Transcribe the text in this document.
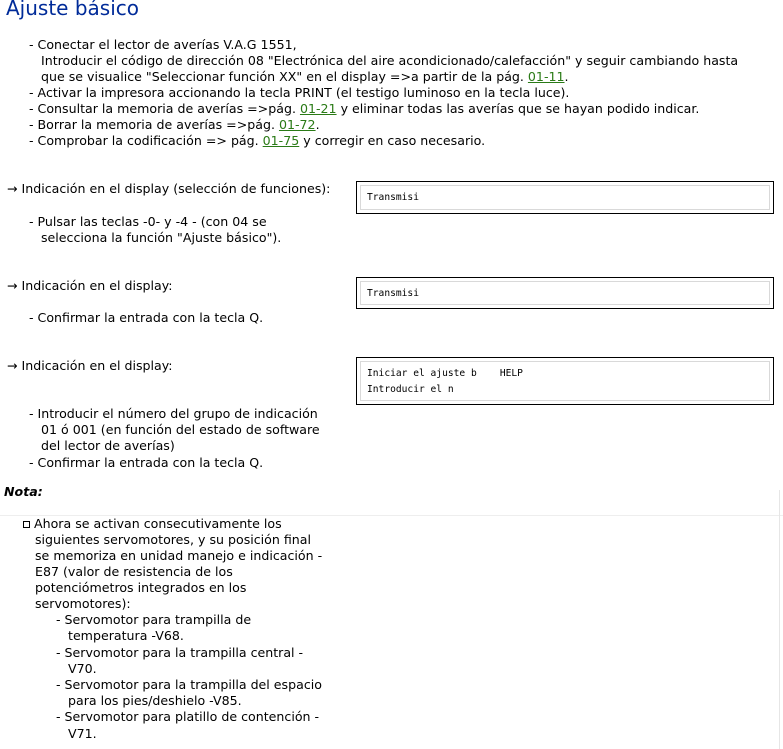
Ajuste básico
- Conectar el lector de averías V.A.G 1551,
Introducir el código de dirección 08 "Electrónica del aire acondicionado/calefacción" y seguir cambiando hasta
que se visualice "Seleccionar función XX" en el display =>a partir de la pág. 01-11.
- Activar la impresora accionando la tecla PRINT (el testigo luminoso en la tecla luce).
- Consultar la memoria de averías =>pág. 01-21 y eliminar todas las averías que se hayan podido indicar.
- Borrar la memoria de averías =>pág. 01-72.
- Comprobar la codificación => pág. 01-75 y corregir en caso necesario.
→ Indicación en el display (selección de funciones):
Transmisi
- Pulsar las teclas -0- y -4 - (con 04 se
selecciona la función "Ajuste básico").
→ Indicación en el display:
Transmisi
- Confirmar la entrada con la tecla Q.
→ Indicación en el display:
Iniciar el ajuste b    HELP
Introducir el n
- Introducir el número del grupo de indicación
01 ó 001 (en función del estado de software
del lector de averías)
- Confirmar la entrada con la tecla Q.
Nota:
Ahora se activan consecutivamente los
siguientes servomotores, y su posición final
se memoriza en unidad manejo e indicación -
E87 (valor de resistencia de los
potenciómetros integrados en los
servomotores):
- Servomotor para trampilla de
temperatura -V68.
- Servomotor para la trampilla central -
V70.
- Servomotor para la trampilla del espacio
para los pies/deshielo -V85.
- Servomotor para platillo de contención -
V71.
